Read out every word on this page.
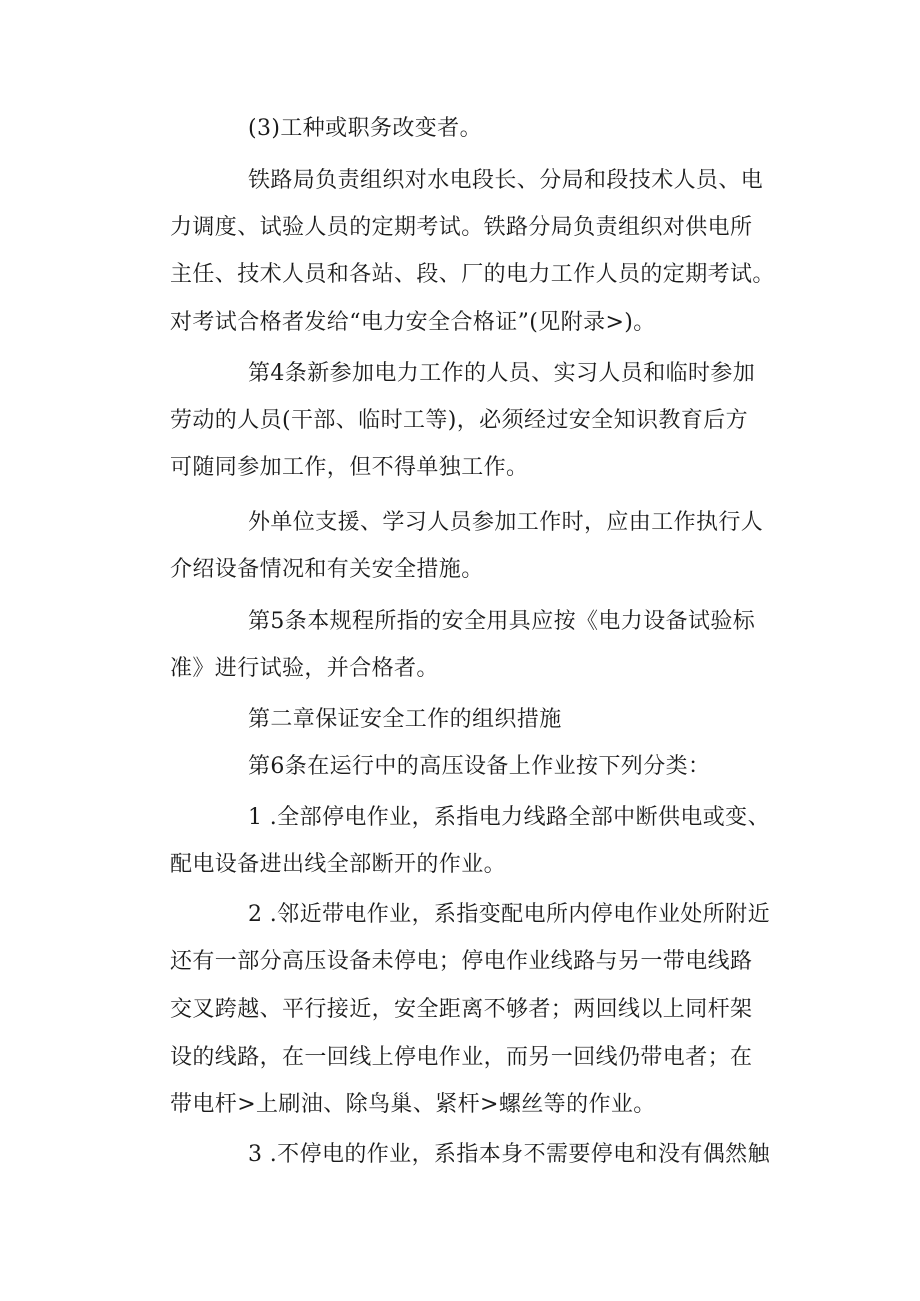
(3)工种或职务改变者。
铁路局负责组织对水电段长、分局和段技术人员、电
力调度、试验人员的定期考试。铁路分局负责组织对供电所
主任、技术人员和各站、段、厂的电力工作人员的定期考试。
对考试合格者发给“电力安全合格证”(见附录>)。
第4条新参加电力工作的人员、实习人员和临时参加
劳动的人员(干部、临时工等)，必须经过安全知识教育后方
可随同参加工作，但不得单独工作。
外单位支援、学习人员参加工作时，应由工作执行人
介绍设备情况和有关安全措施。
第5条本规程所指的安全用具应按《电力设备试验标
准》进行试验，并合格者。
第二章保证安全工作的组织措施
第6条在运行中的高压设备上作业按下列分类：
1 .全部停电作业，系指电力线路全部中断供电或变、
配电设备进出线全部断开的作业。
2 .邻近带电作业，系指变配电所内停电作业处所附近
还有一部分高压设备未停电；停电作业线路与另一带电线路
交叉跨越、平行接近，安全距离不够者；两回线以上同杆架
设的线路，在一回线上停电作业，而另一回线仍带电者；在
带电杆>上刷油、除鸟巢、紧杆>螺丝等的作业。
3 .不停电的作业，系指本身不需要停电和没有偶然触
